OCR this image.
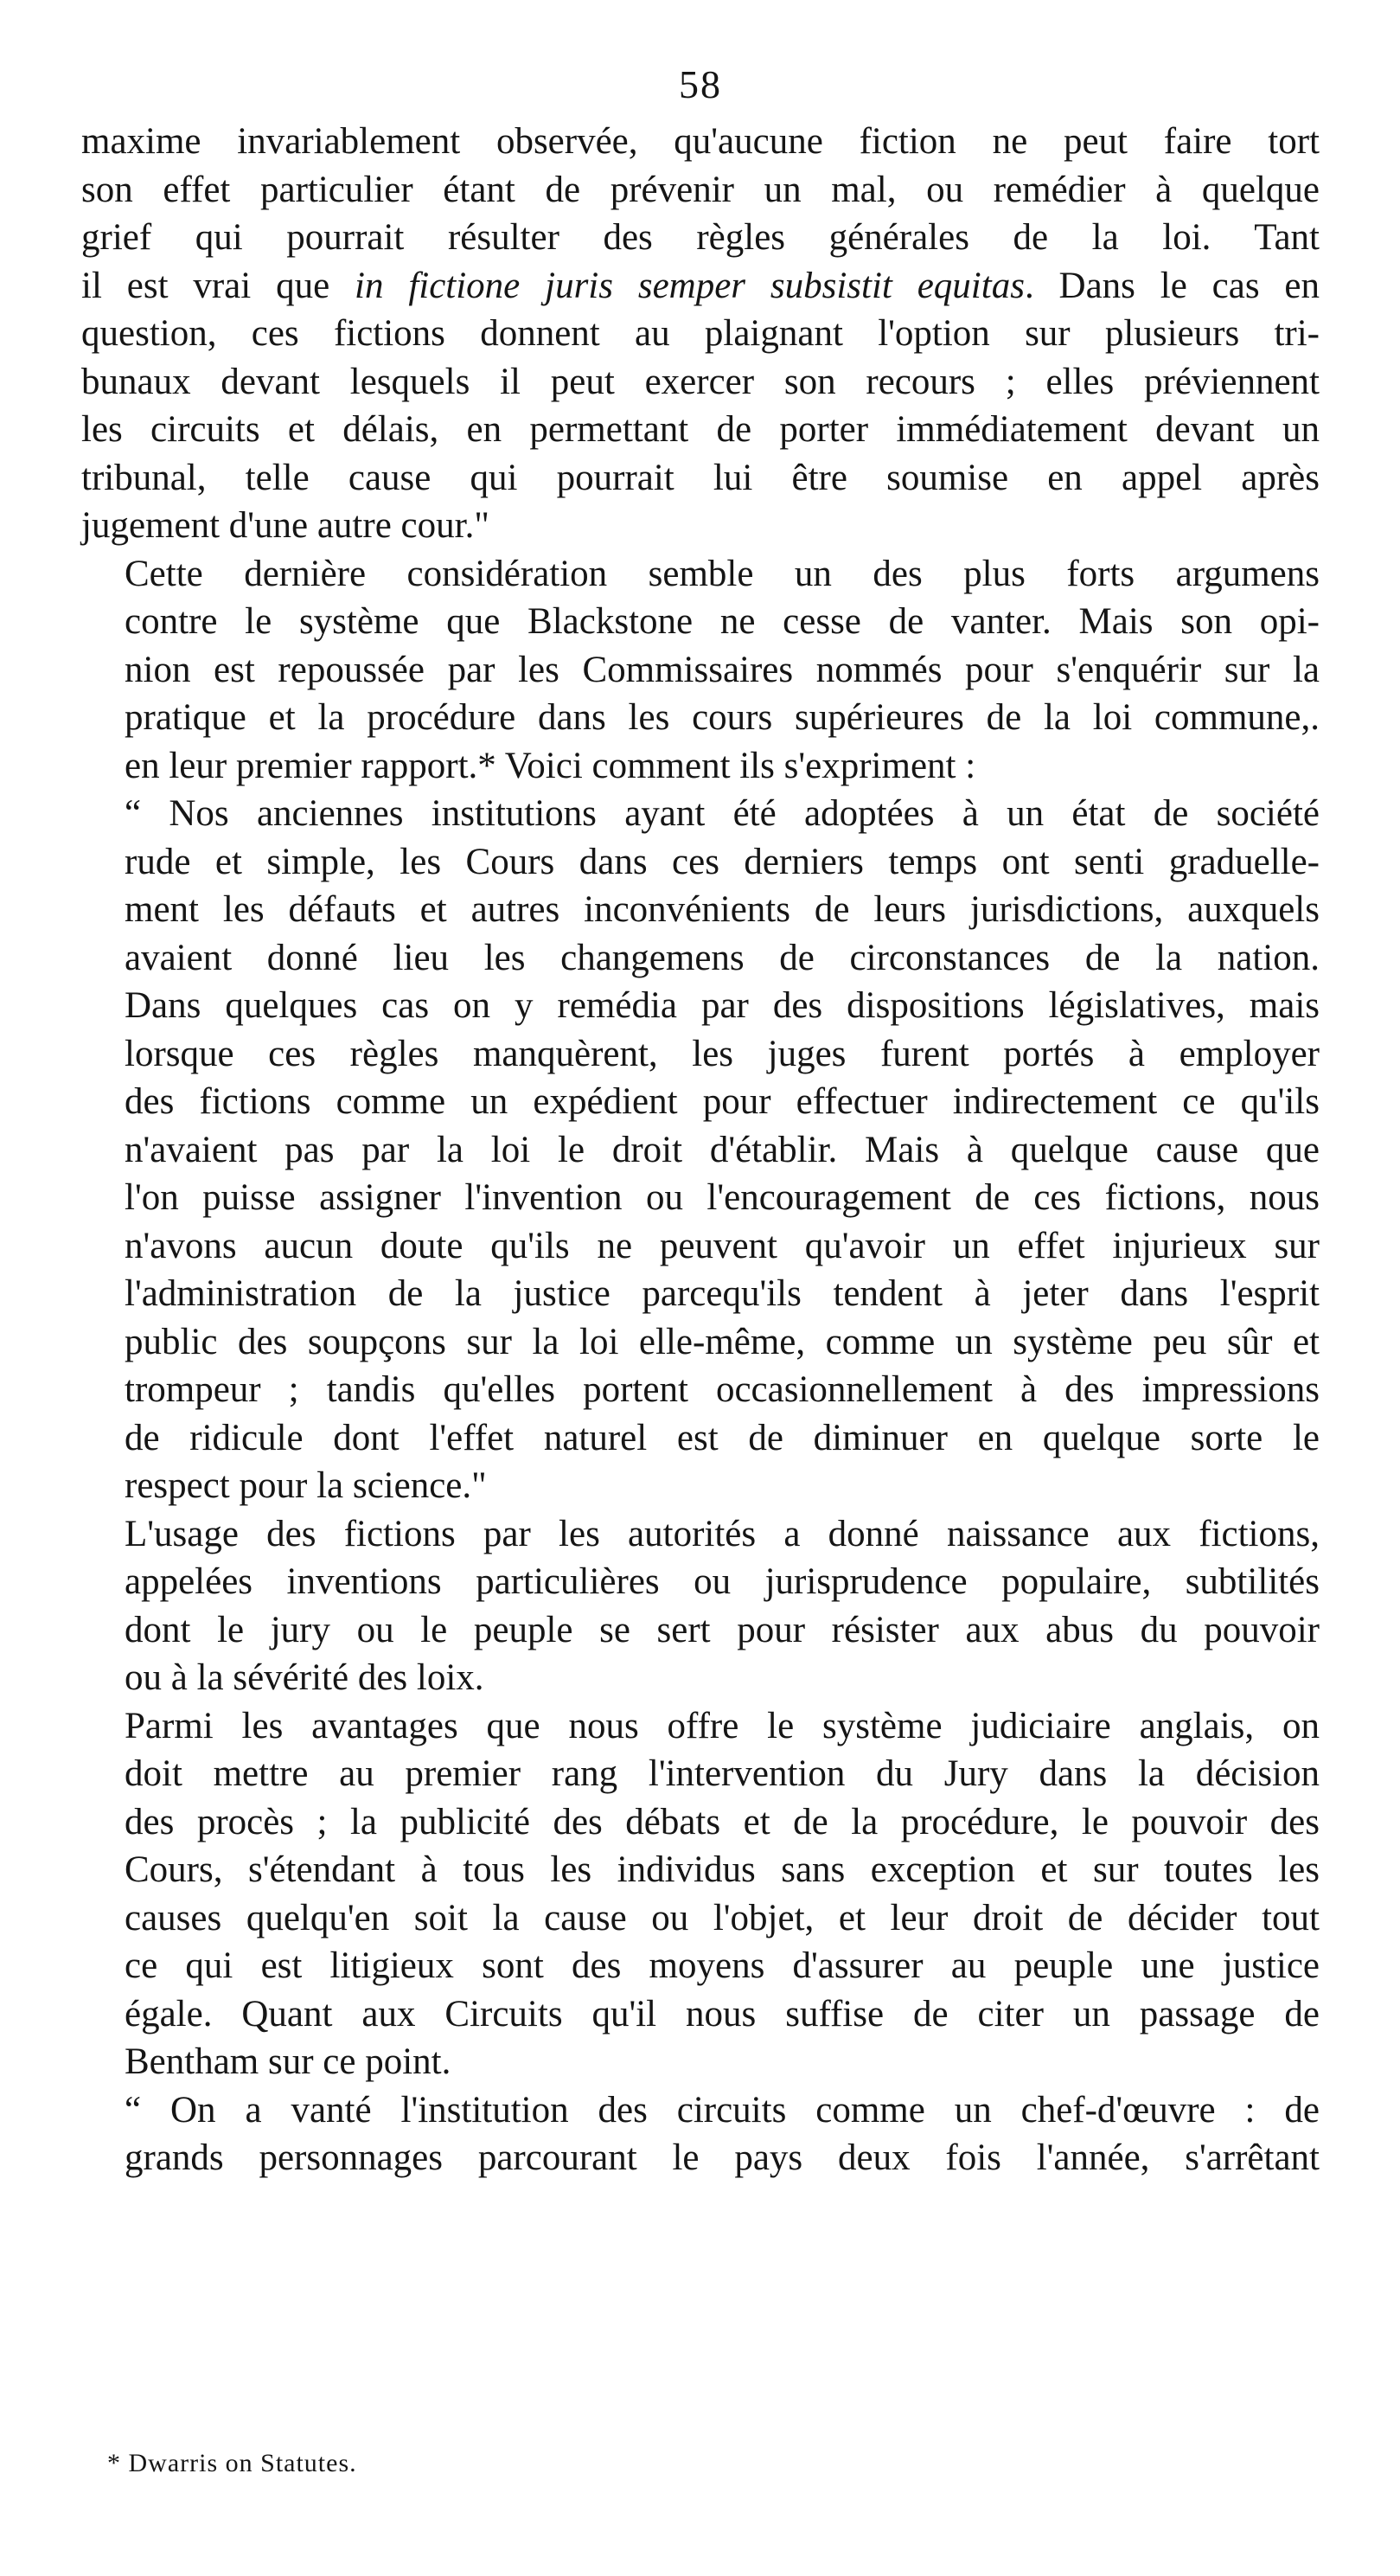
58

maxime invariablement observée, qu'aucune fiction ne peut faire tort
son effet particulier étant de prévenir un mal, ou remédier à quelque
grief qui pourrait résulter des règles générales de la loi. Tant
il est vrai que in fictione juris semper subsistit equitas. Dans le cas en
question, ces fictions donnent au plaignant l'option sur plusieurs tri-
bunaux devant lesquels il peut exercer son recours ; elles préviennent
les circuits et délais, en permettant de porter immédiatement devant un
tribunal, telle cause qui pourrait lui être soumise en appel après
jugement d'une autre cour."

Cette dernière considération semble un des plus forts argumens
contre le système que Blackstone ne cesse de vanter. Mais son opi-
nion est repoussée par les Commissaires nommés pour s'enquérir sur la
pratique et la procédure dans les cours supérieures de la loi commune,.
en leur premier rapport.* Voici comment ils s'expriment :

“ Nos anciennes institutions ayant été adoptées à un état de société
rude et simple, les Cours dans ces derniers temps ont senti graduelle-
ment les défauts et autres inconvénients de leurs jurisdictions, auxquels
avaient donné lieu les changemens de circonstances de la nation.
Dans quelques cas on y remédia par des dispositions législatives, mais
lorsque ces règles manquèrent, les juges furent portés à employer
des fictions comme un expédient pour effectuer indirectement ce qu'ils
n'avaient pas par la loi le droit d'établir. Mais à quelque cause que
l'on puisse assigner l'invention ou l'encouragement de ces fictions, nous
n'avons aucun doute qu'ils ne peuvent qu'avoir un effet injurieux sur
l'administration de la justice parcequ'ils tendent à jeter dans l'esprit
public des soupçons sur la loi elle-même, comme un système peu sûr et
trompeur ; tandis qu'elles portent occasionnellement à des impressions
de ridicule dont l'effet naturel est de diminuer en quelque sorte le
respect pour la science."

L'usage des fictions par les autorités a donné naissance aux fictions,
appelées inventions particulières ou jurisprudence populaire, subtilités
dont le jury ou le peuple se sert pour résister aux abus du pouvoir
ou à la sévérité des loix.

Parmi les avantages que nous offre le système judiciaire anglais, on
doit mettre au premier rang l'intervention du Jury dans la décision
des procès ; la publicité des débats et de la procédure, le pouvoir des
Cours, s'étendant à tous les individus sans exception et sur toutes les
causes quelqu'en soit la cause ou l'objet, et leur droit de décider tout
ce qui est litigieux sont des moyens d'assurer au peuple une justice
égale. Quant aux Circuits qu'il nous suffise de citer un passage de
Bentham sur ce point.

“ On a vanté l'institution des circuits comme un chef-d'œuvre : de
grands personnages parcourant le pays deux fois l'année, s'arrêtant

* Dwarris on Statutes.
